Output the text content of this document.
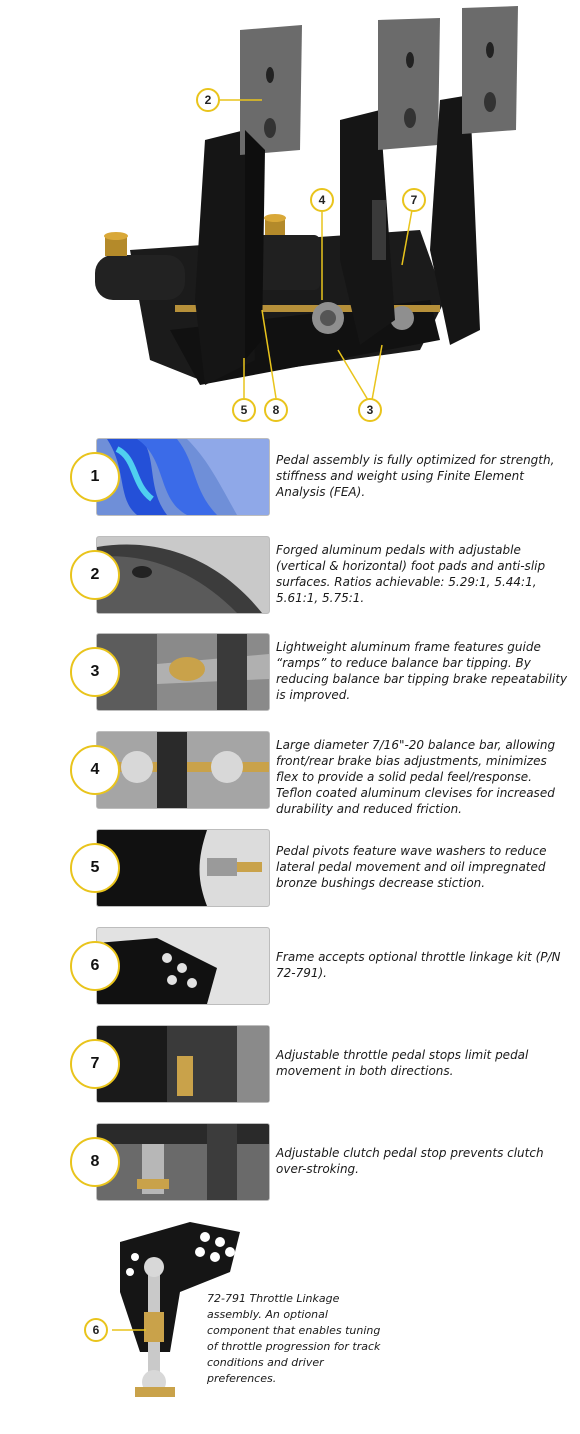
2
4	7
5	8	3
1
Pedal assembly is fully optimized for strength, stiffness and weight using Finite Element Analysis (FEA).
2
Forged aluminum pedals with adjustable (vertical & horizontal) foot pads and anti-slip surfaces. Ratios achievable: 5.29:1, 5.44:1, 5.61:1, 5.75:1.
3
Lightweight aluminum frame features guide “ramps” to reduce balance bar tipping. By reducing balance bar tipping brake repeatability is improved.
4
Large diameter 7/16"-20 balance bar, allowing front/rear brake bias adjustments, minimizes flex to provide a solid pedal feel/response. Teflon coated aluminum clevises for increased durability and reduced friction.
5
Pedal pivots feature wave washers to reduce lateral pedal movement and oil impregnated bronze bushings decrease stiction.
6	Frame accepts optional throttle linkage kit (P/N 72-791).
7	Adjustable throttle pedal stops limit pedal movement in both directions.
8	Adjustable clutch pedal stop prevents clutch over-stroking.
6
72-791 Throttle Linkage assembly. An optional component that enables tuning of throttle progression for track conditions and driver preferences.
